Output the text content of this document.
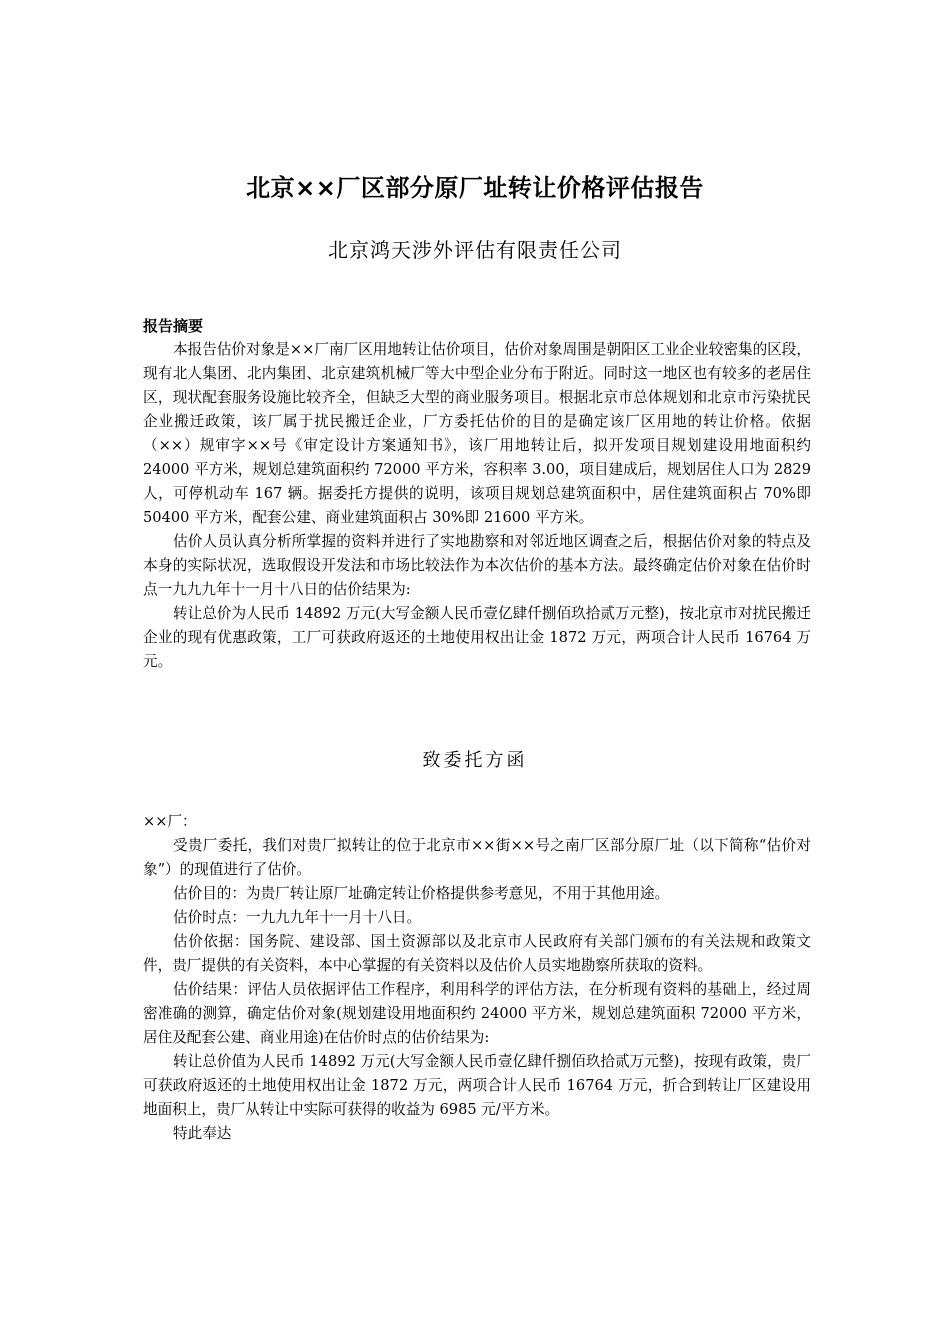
北京××厂区部分原厂址转让价格评估报告
北京鸿天涉外评估有限责任公司
报告摘要

本报告估价对象是××厂南厂区用地转让估价项目，估价对象周围是朝阳区工业企业较密集的区段，现有北人集团、北内集团、北京建筑机械厂等大中型企业分布于附近。同时这一地区也有较多的老居住区，现状配套服务设施比较齐全，但缺乏大型的商业服务项目。根据北京市总体规划和北京市污染扰民企业搬迁政策，该厂属于扰民搬迁企业，厂方委托估价的目的是确定该厂区用地的转让价格。依据（××）规审字××号《审定设计方案通知书》，该厂用地转让后，拟开发项目规划建设用地面积约 24000 平方米，规划总建筑面积约 72000 平方米，容积率 3.00，项目建成后，规划居住人口为 2829 人，可停机动车 167 辆。据委托方提供的说明，该项目规划总建筑面积中，居住建筑面积占 70%即 50400 平方米，配套公建、商业建筑面积占 30%即 21600 平方米。

估价人员认真分析所掌握的资料并进行了实地勘察和对邻近地区调查之后，根据估价对象的特点及本身的实际状况，选取假设开发法和市场比较法作为本次估价的基本方法。最终确定估价对象在估价时点一九九九年十一月十八日的估价结果为:

转让总价为人民币 14892 万元(大写金额人民币壹亿肆仟捌佰玖拾贰万元整)，按北京市对扰民搬迁企业的现有优惠政策，工厂可获政府返还的土地使用权出让金 1872 万元，两项合计人民币 16764 万元。

致委托方函

××厂：

受贵厂委托，我们对贵厂拟转让的位于北京市××街××号之南厂区部分原厂址（以下简称“估价对象”）的现值进行了估价。

估价目的：为贵厂转让原厂址确定转让价格提供参考意见，不用于其他用途。

估价时点：一九九九年十一月十八日。

估价依据：国务院、建设部、国土资源部以及北京市人民政府有关部门颁布的有关法规和政策文件，贵厂提供的有关资料，本中心掌握的有关资料以及估价人员实地勘察所获取的资料。

估价结果：评估人员依据评估工作程序，利用科学的评估方法，在分析现有资料的基础上，经过周密准确的测算，确定估价对象(规划建设用地面积约 24000 平方米，规划总建筑面积 72000 平方米，居住及配套公建、商业用途)在估价时点的估价结果为:

转让总价值为人民币 14892 万元(大写金额人民币壹亿肆仟捌佰玖拾贰万元整)，按现有政策，贵厂可获政府返还的土地使用权出让金 1872 万元，两项合计人民币 16764 万元，折合到转让厂区建设用地面积上，贵厂从转让中实际可获得的收益为 6985 元/平方米。

特此奉达
